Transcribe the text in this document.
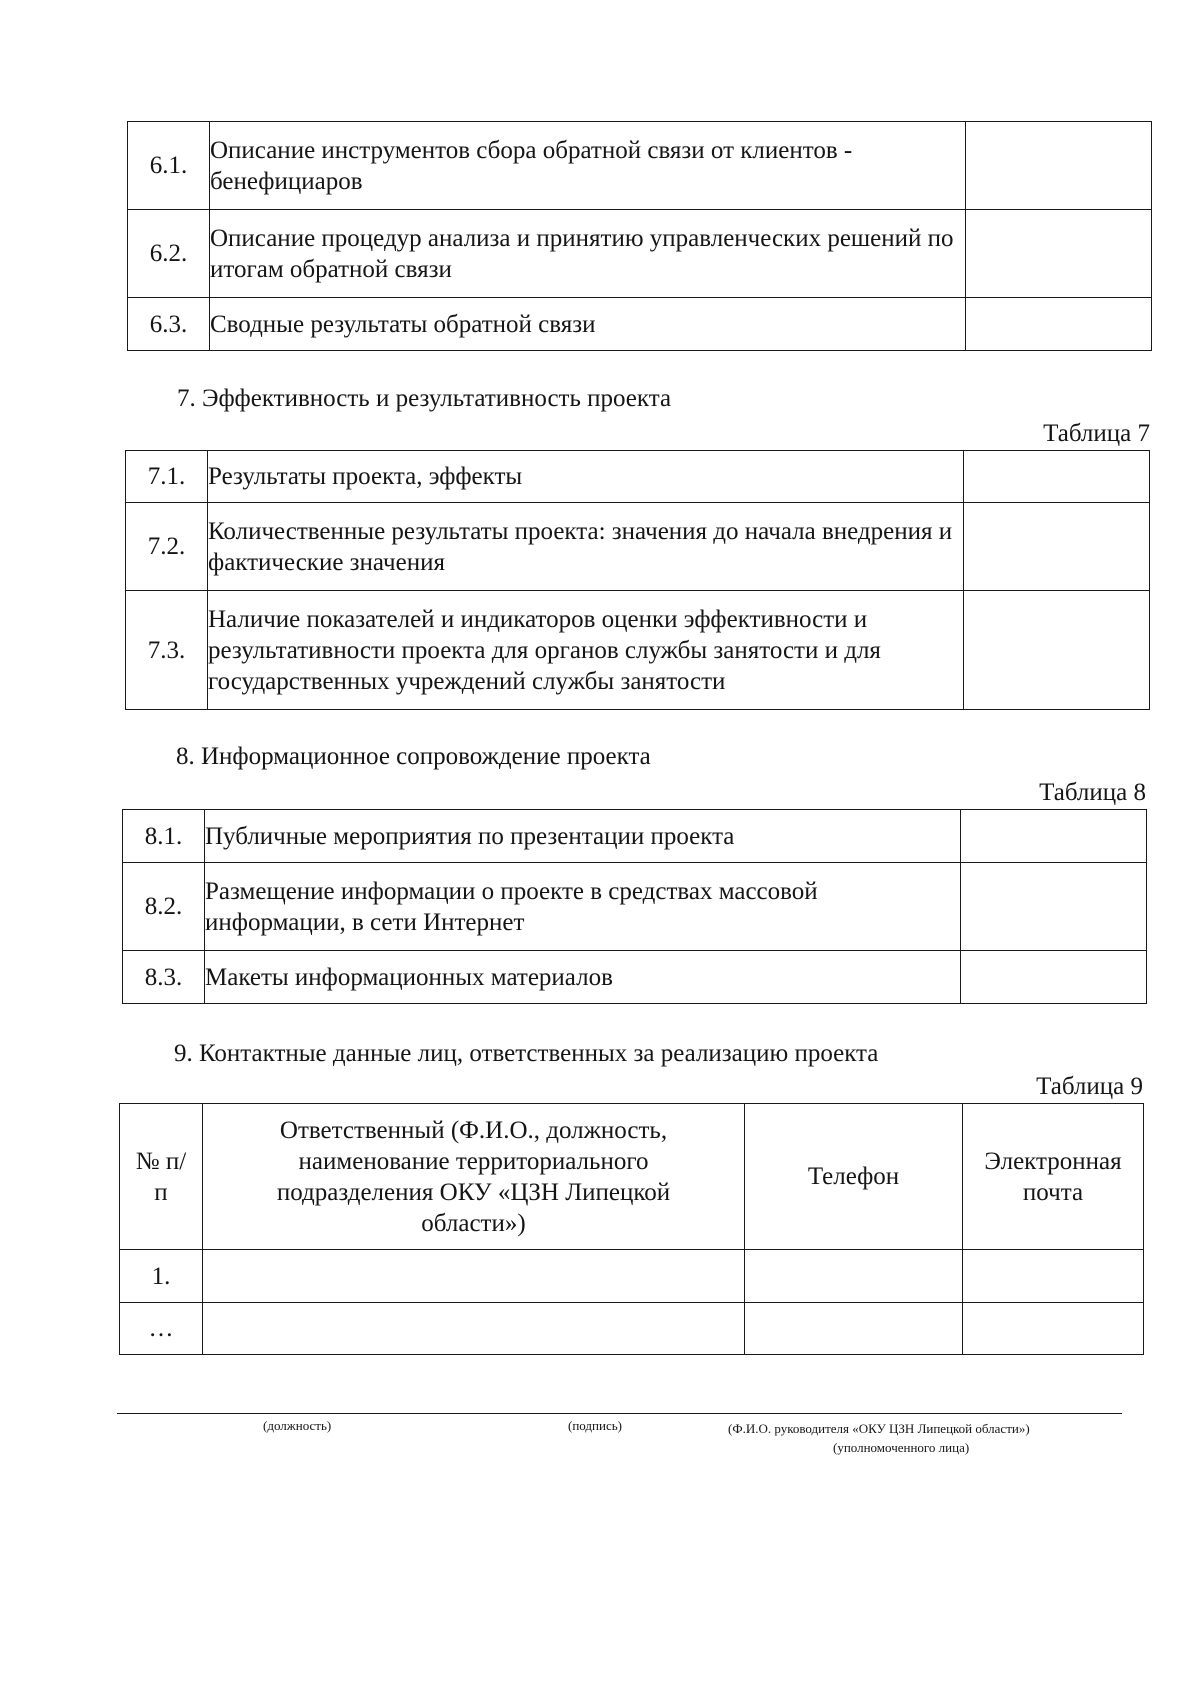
6.1.	Описание инструментов сбора обратной связи от клиентов - бенефициаров	
6.2.	Описание процедур анализа и принятию управленческих решений по итогам обратной связи	
6.3.	Сводные результаты обратной связи	
7. Эффективность и результативность проекта
Таблица 7
7.1.	Результаты проекта, эффекты	
7.2.	Количественные результаты проекта: значения до начала внедрения и фактические значения	
7.3.	Наличие показателей и индикаторов оценки эффективности и результативности проекта для органов службы занятости и для государственных учреждений службы занятости	
8. Информационное сопровождение проекта
Таблица 8
8.1.	Публичные мероприятия по презентации проекта	
8.2.	Размещение информации о проекте в средствах массовой информации, в сети Интернет	
8.3.	Макеты информационных материалов	
9. Контактные данные лиц, ответственных за реализацию проекта
Таблица 9
№ п/п	Ответственный (Ф.И.О., должность, наименование территориального подразделения ОКУ «ЦЗН Липецкой области»)	Телефон	Электронная почта
1.			
…			
(должность)	(подпись)	(Ф.И.О. руководителя «ОКУ ЦЗН Липецкой области»)
(уполномоченного лица)
